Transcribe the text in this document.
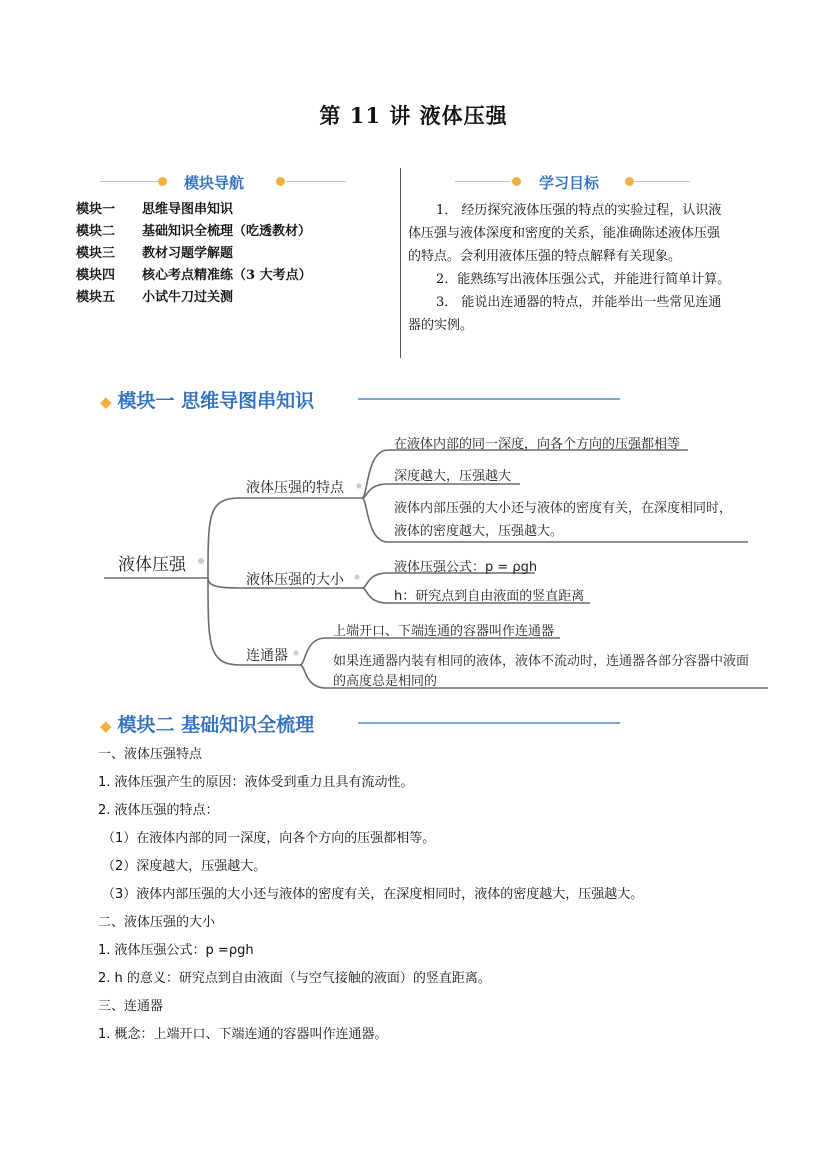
第 11 讲 液体压强
模块导航
模块一 思维导图串知识
模块二 基础知识全梳理（吃透教材）
模块三 教材习题学解题
模块四 核心考点精准练（3 大考点）
模块五 小试牛刀过关测
学习目标
1． 经历探究液体压强的特点的实验过程，认识液
体压强与液体深度和密度的关系，能准确陈述液体压强
的特点。会利用液体压强的特点解释有关现象。
2．能熟练写出液体压强公式，并能进行简单计算。
3． 能说出连通器的特点，并能举出一些常见连通
器的实例。
◆ 模块一 思维导图串知识
液体压强
液体压强的特点
在液体内部的同一深度，向各个方向的压强都相等
深度越大，压强越大
液体内部压强的大小还与液体的密度有关，在深度相同时，
液体的密度越大，压强越大。
液体压强的大小
液体压强公式：p = ρgh
h：研究点到自由液面的竖直距离
连通器
上端开口、下端连通的容器叫作连通器
如果连通器内装有相同的液体，液体不流动时，连通器各部分容器中液面
的高度总是相同的
◆ 模块二 基础知识全梳理
一、液体压强特点
1. 液体压强产生的原因：液体受到重力且具有流动性。
2. 液体压强的特点：
（1）在液体内部的同一深度，向各个方向的压强都相等。
（2）深度越大，压强越大。
（3）液体内部压强的大小还与液体的密度有关，在深度相同时，液体的密度越大，压强越大。
二、液体压强的大小
1. 液体压强公式：p =ρgh
2. h 的意义：研究点到自由液面（与空气接触的液面）的竖直距离。
三、连通器
1. 概念：上端开口、下端连通的容器叫作连通器。
